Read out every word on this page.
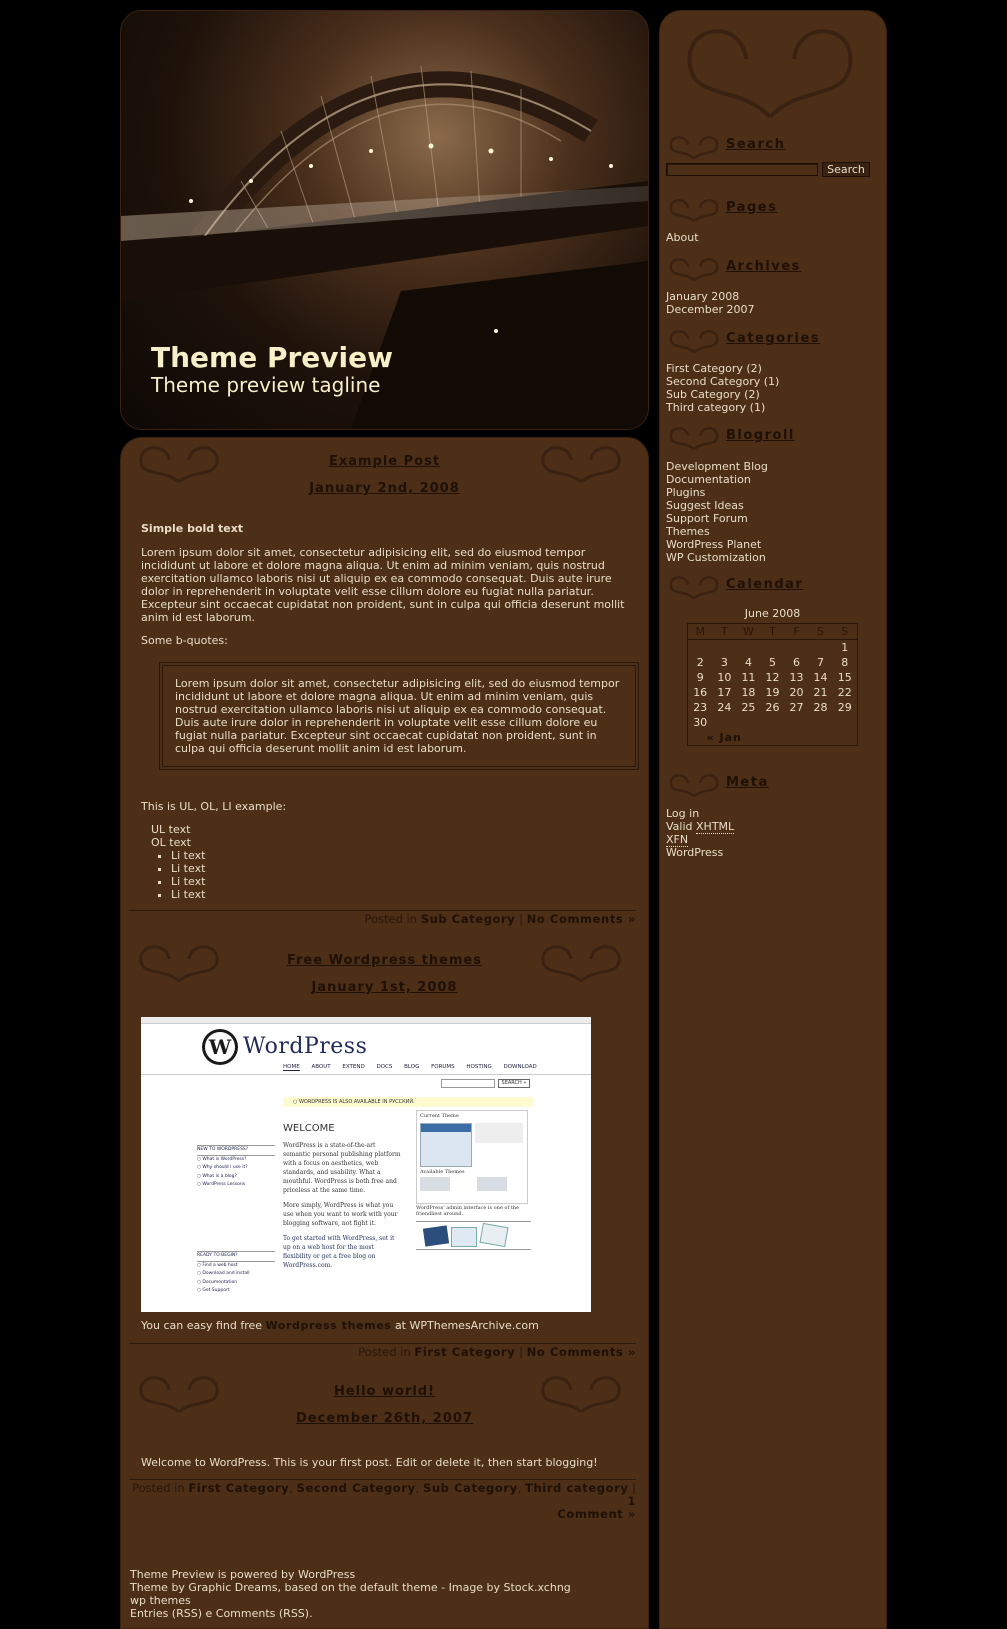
Theme Preview
Theme preview tagline
Example Post
January 2nd, 2008
Simple bold text
Lorem ipsum dolor sit amet, consectetur adipisicing elit, sed do eiusmod tempor incididunt ut labore et dolore magna aliqua. Ut enim ad minim veniam, quis nostrud exercitation ullamco laboris nisi ut aliquip ex ea commodo consequat. Duis aute irure dolor in reprehenderit in voluptate velit esse cillum dolore eu fugiat nulla pariatur. Excepteur sint occaecat cupidatat non proident, sunt in culpa qui officia deserunt mollit anim id est laborum.
Some b-quotes:
Lorem ipsum dolor sit amet, consectetur adipisicing elit, sed do eiusmod tempor incididunt ut labore et dolore magna aliqua. Ut enim ad minim veniam, quis nostrud exercitation ullamco laboris nisi ut aliquip ex ea commodo consequat. Duis aute irure dolor in reprehenderit in voluptate velit esse cillum dolore eu fugiat nulla pariatur. Excepteur sint occaecat cupidatat non proident, sunt in culpa qui officia deserunt mollit anim id est laborum.
This is UL, OL, LI example:
UL text
OL text
▪ Li text
▪ Li text
▪ Li text
▪ Li text
Posted in Sub Category | No Comments »
Free Wordpress themes
January 1st, 2008
W WordPress
HOME ABOUT EXTEND DOCS BLOG FORUMS HOSTING DOWNLOAD
SEARCH »
○ WORDPRESS IS ALSO AVAILABLE IN РУССКИЙ.
WELCOME
NEW TO WORDPRESS?
○ What is WordPress?
○ Why should I use it?
○ What is a blog?
○ WordPress Lessons
READY TO BEGIN?
○ Find a web host
○ Download and install
○ Documentation
○ Get Support
WordPress is a state-of-the-art semantic personal publishing platform with a focus on aesthetics, web standards, and usability. What a mouthful. WordPress is both free and priceless at the same time.
More simply, WordPress is what you use when you want to work with your blogging software, not fight it.
To get started with WordPress, set it up on a web host for the most flexibility or get a free blog on WordPress.com.
Current Theme
Available Themes
WordPress' admin interface is one of the friendliest around.
You can easy find free Wordpress themes at WPThemesArchive.com
Posted in First Category | No Comments »
Hello world!
December 26th, 2007
Welcome to WordPress. This is your first post. Edit or delete it, then start blogging!
Posted in First Category, Second Category, Sub Category, Third category | 1
Comment »
Theme Preview is powered by WordPress
Theme by Graphic Dreams, based on the default theme - Image by Stock.xchng
wp themes
Entries (RSS) e Comments (RSS).
Search
Search
Pages
About
Archives
January 2008
December 2007
Categories
First Category (2)
Second Category (1)
Sub Category (2)
Third category (1)
Blogroll
Development Blog
Documentation
Plugins
Suggest Ideas
Support Forum
Themes
WordPress Planet
WP Customization
Calendar
June 2008
M	T	W	T	F	S	S
						1
2	3	4	5	6	7	8
9	10	11	12	13	14	15
16	17	18	19	20	21	22
23	24	25	26	27	28	29
30						
« Jan						
Meta
Log in
Valid XHTML
XFN
WordPress
